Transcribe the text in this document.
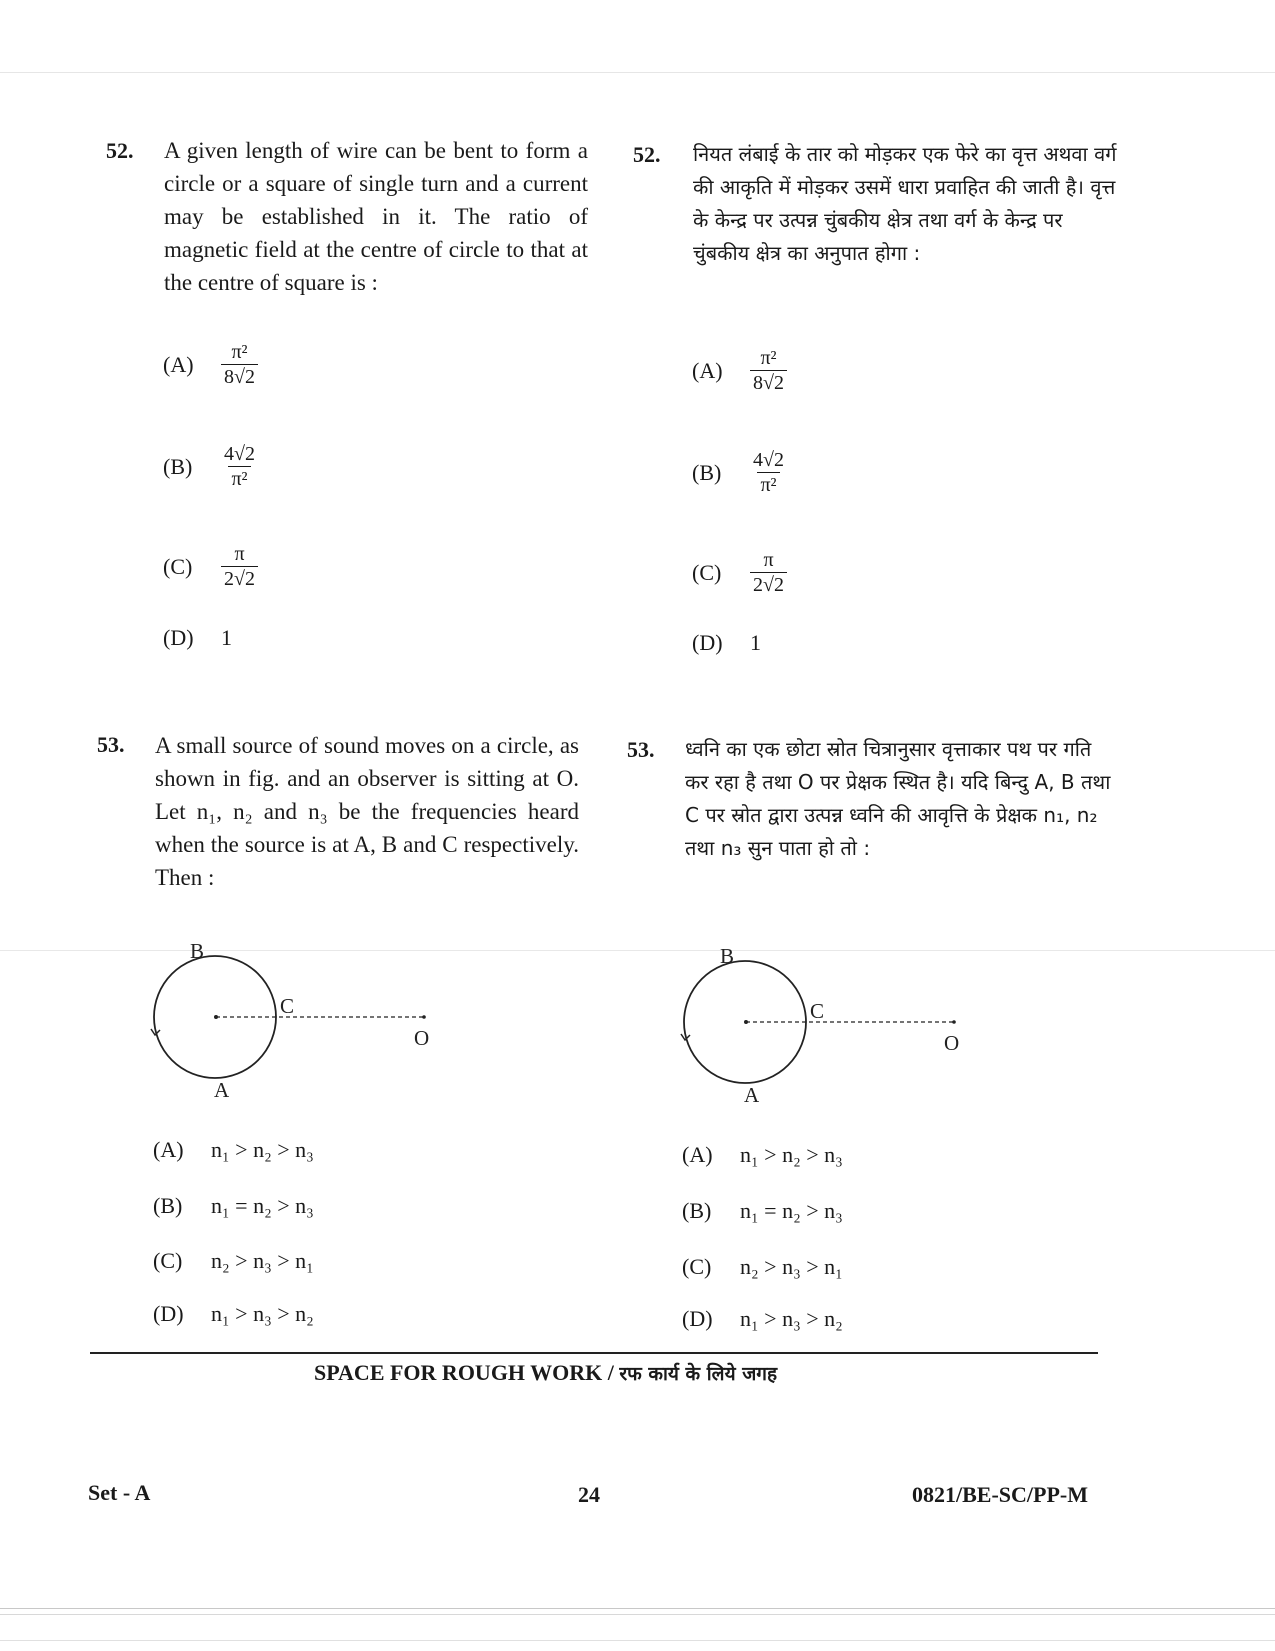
52. A given length of wire can be bent to form a circle or a square of single turn and a current may be established in it. The ratio of magnetic field at the centre of circle to that at the centre of square is :
(A)	$\frac{\text{π²}}{8√2}$
(B)	$\frac{4√2}{\text{π²}}$
(C)	$\frac{\pi}{2√2}$
(D)	1
52. नियत लंबाई के तार को मोड़कर एक फेरे का वृत्त अथवा वर्ग की आकृति में मोड़कर उसमें धारा प्रवाहित की जाती है। वृत्त के केन्द्र पर उत्पन्न चुंबकीय क्षेत्र तथा वर्ग के केन्द्र पर चुंबकीय क्षेत्र का अनुपात होगा :
(A)	$\frac{\text{π²}}{8√2}$
(B)	$\frac{4√2}{\text{π²}}$
(C)	$\frac{\pi}{2√2}$
(D)	1
53. A small source of sound moves on a circle, as shown in fig. and an observer is sitting at O. Let n₁, n₂ and n₃ be the frequencies heard when the source is at A, B and C respectively. Then :
B
C
O
A
(A)	n₁ > n₂ > n₃
(B)	n₁ = n₂ > n₃
(C)	n₂ > n₃ > n₁
(D)	n₁ > n₃ > n₂
53. ध्वनि का एक छोटा स्रोत चित्रानुसार वृत्ताकार पथ पर गति कर रहा है तथा O पर प्रेक्षक स्थित है। यदि बिन्दु A, B तथा C पर स्रोत द्वारा उत्पन्न ध्वनि की आवृत्ति के प्रेक्षक n₁, n₂ तथा n₃ सुन पाता हो तो :
B
C
O
A
(A)	n₁ > n₂ > n₃
(B)	n₁ = n₂ > n₃
(C)	n₂ > n₃ > n₁
(D)	n₁ > n₃ > n₂
SPACE FOR ROUGH WORK / रफ कार्य के लिये जगह
Set - A	24	0821/BE-SC/PP-M
